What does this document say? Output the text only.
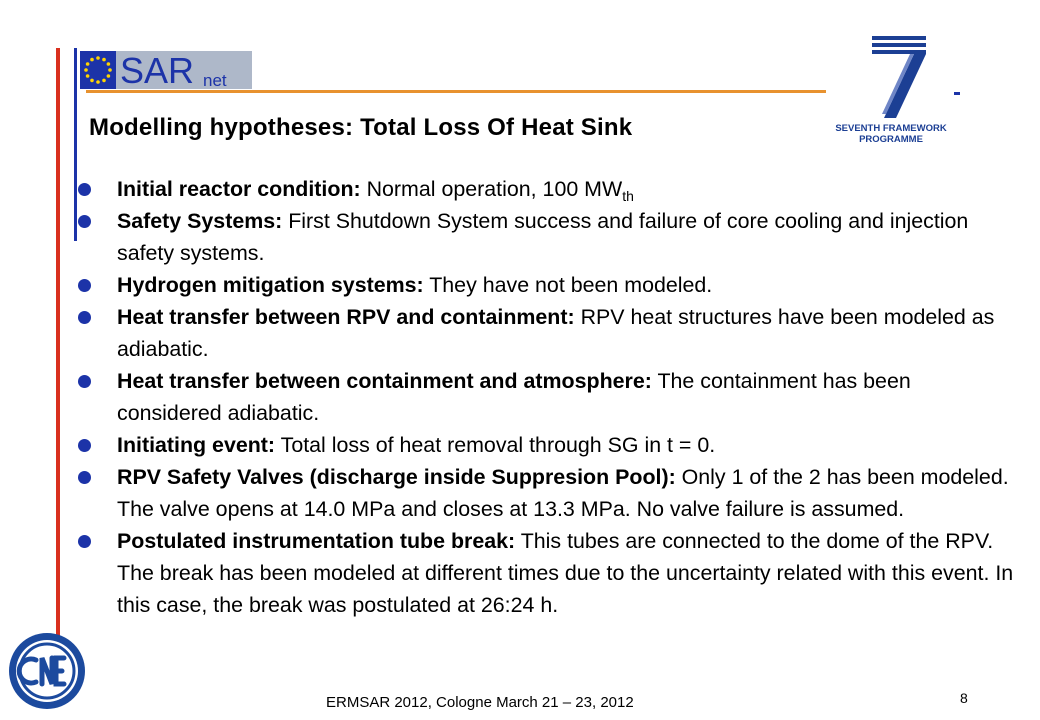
SAR net
SEVENTH FRAMEWORK
PROGRAMME
Modelling hypotheses: Total Loss Of Heat Sink
Initial reactor condition: Normal operation, 100 $MW_{th}$
Safety Systems: First Shutdown System success and failure of core cooling and injection safety systems.
Hydrogen mitigation systems: They have not been modeled.
Heat transfer between RPV and containment: RPV heat structures have been modeled as adiabatic.
Heat transfer between containment and atmosphere: The containment has been considered adiabatic.
Initiating event: Total loss of heat removal through SG in t = 0.
RPV Safety Valves (discharge inside Suppresion Pool): Only 1 of the 2 has been modeled. The valve opens at 14.0 MPa and closes at 13.3 MPa. No valve failure is assumed.
Postulated instrumentation tube break: This tubes are connected to the dome of the RPV. The break has been modeled at different times due to the uncertainty related with this event. In this case, the break was postulated at 26:24 h.
ERMSAR 2012, Cologne March 21 – 23, 2012	8
